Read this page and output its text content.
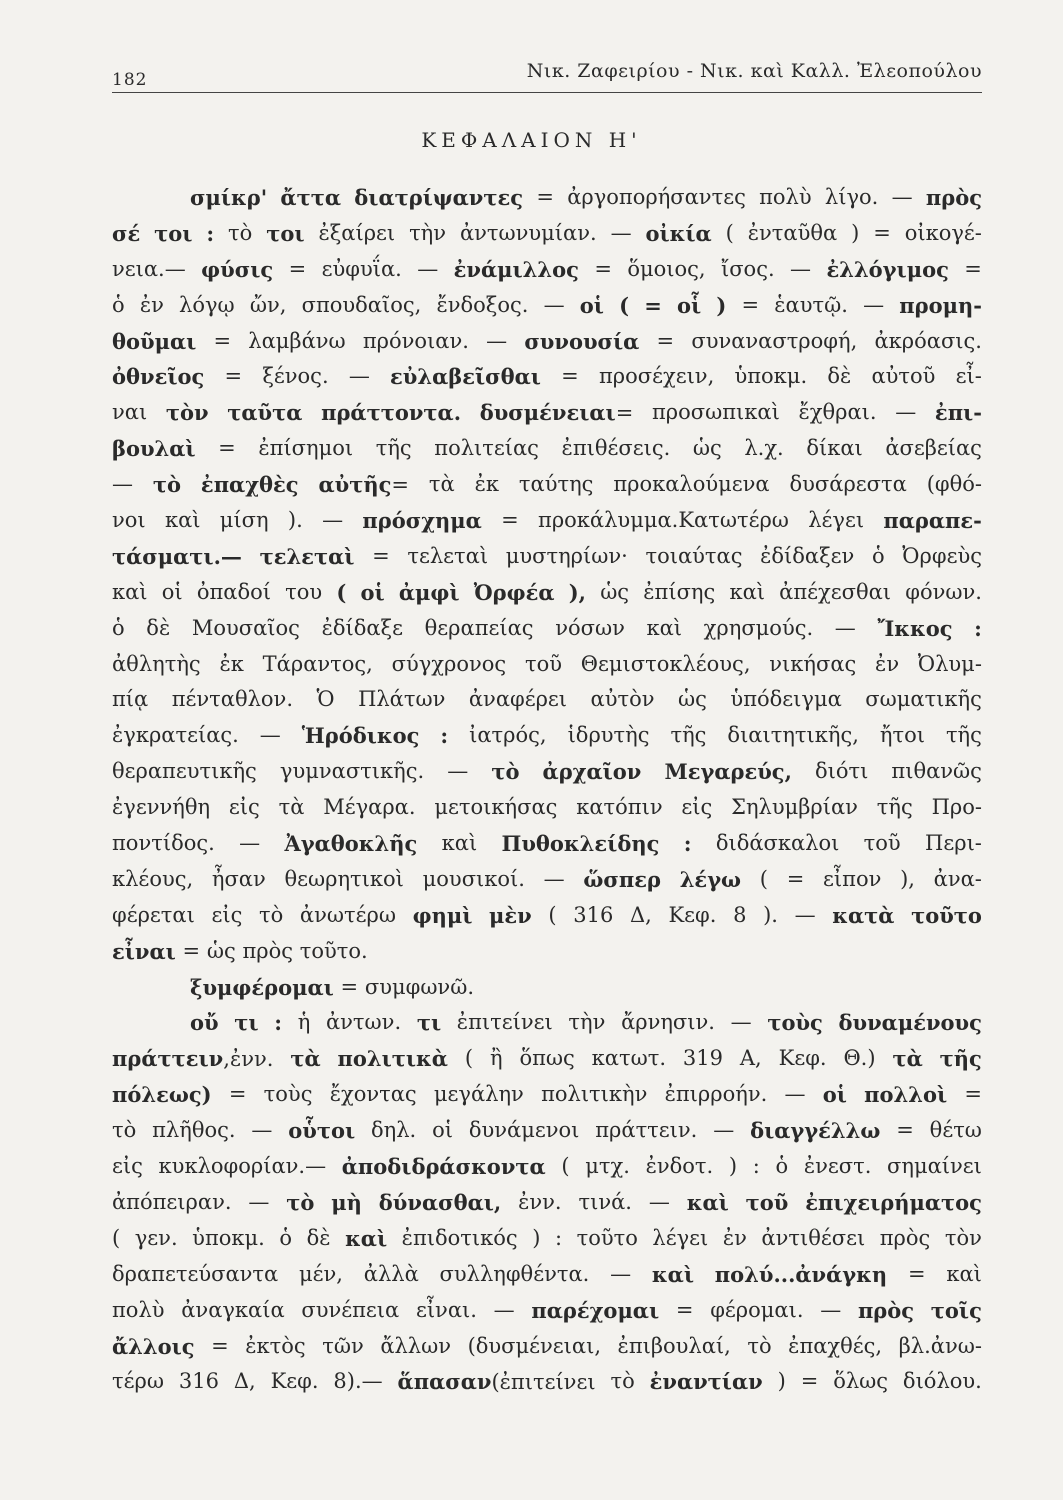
182	Νικ. Ζαφειρίου - Νικ. καὶ Καλλ. Ἐλεοπούλου
ΚΕΦΑΛΑΙΟΝ Η'
σμίκρ' ἄττα διατρίψαντες = ἀργοπορήσαντες πολὺ λίγο. — πρὸς
σέ τοι : τὸ τοι ἐξαίρει τὴν ἀντωνυμίαν. — οἰκία ( ἐνταῦθα ) = οἰκογέ-
νεια.— φύσις = εὐφυΐα. — ἐνάμιλλος = ὅμοιος, ἴσος. — ἐλλόγιμος =
ὁ ἐν λόγῳ ὤν, σπουδαῖος, ἔνδοξος. — οἱ ( = οἷ ) = ἑαυτῷ. — προμη-
θοῦμαι = λαμβάνω πρόνοιαν. — συνουσία = συναναστροφή, ἀκρόασις.
ὀθνεῖος = ξένος. — εὐλαβεῖσθαι = προσέχειν, ὑποκμ. δὲ αὐτοῦ εἶ-
ναι τὸν ταῦτα πράττοντα. δυσμένειαι= προσωπικαὶ ἔχθραι. — ἐπι-
βουλαὶ = ἐπίσημοι τῆς πολιτείας ἐπιθέσεις. ὡς λ.χ. δίκαι ἀσεβείας
— τὸ ἐπαχθὲς αὐτῆς= τὰ ἐκ ταύτης προκαλούμενα δυσάρεστα (φθό-
νοι καὶ μίση ). — πρόσχημα = προκάλυμμα.Κατωτέρω λέγει παραπε-
τάσματι.— τελεταὶ = τελεταὶ μυστηρίων· τοιαύτας ἐδίδαξεν ὁ Ὀρφεὺς
καὶ οἱ ὀπαδοί του ( οἱ ἀμφὶ Ὀρφέα ), ὡς ἐπίσης καὶ ἀπέχεσθαι φόνων.
ὁ δὲ Μουσαῖος ἐδίδαξε θεραπείας νόσων καὶ χρησμούς. — Ἴκκος :
ἀθλητὴς ἐκ Τάραντος, σύγχρονος τοῦ Θεμιστοκλέους, νικήσας ἐν Ὀλυμ-
πίᾳ πένταθλον. Ὁ Πλάτων ἀναφέρει αὐτὸν ὡς ὑπόδειγμα σωματικῆς
ἐγκρατείας. — Ἡρόδικος : ἰατρός, ἱδρυτὴς τῆς διαιτητικῆς, ἤτοι τῆς
θεραπευτικῆς γυμναστικῆς. — τὸ ἀρχαῖον Μεγαρεύς, διότι πιθανῶς
ἐγεννήθη εἰς τὰ Μέγαρα. μετοικήσας κατόπιν εἰς Σηλυμβρίαν τῆς Προ-
ποντίδος. — Ἀγαθοκλῆς καὶ Πυθοκλείδης : διδάσκαλοι τοῦ Περι-
κλέους, ἦσαν θεωρητικοὶ μουσικοί. — ὥσπερ λέγω ( = εἶπον ), ἀνα-
φέρεται εἰς τὸ ἀνωτέρω φημὶ μὲν ( 316 Δ, Κεφ. 8 ). — κατὰ τοῦτο
εἶναι = ὡς πρὸς τοῦτο.
ξυμφέρομαι = συμφωνῶ.
οὔ τι : ἡ ἀντων. τι ἐπιτείνει τὴν ἄρνησιν. — τοὺς δυναμένους
πράττειν,ἐνν. τὰ πολιτικὰ ( ἢ ὅπως κατωτ. 319 Α, Κεφ. Θ.) τὰ τῆς
πόλεως) = τοὺς ἔχοντας μεγάλην πολιτικὴν ἐπιρροήν. — οἱ πολλοὶ =
τὸ πλῆθος. — οὗτοι δηλ. οἱ δυνάμενοι πράττειν. — διαγγέλλω = θέτω
εἰς κυκλοφορίαν.— ἀποδιδράσκοντα ( μτχ. ἐνδοτ. ) : ὁ ἐνεστ. σημαίνει
ἀπόπειραν. — τὸ μὴ δύνασθαι, ἐνν. τινά. — καὶ τοῦ ἐπιχειρήματος
( γεν. ὑποκμ. ὁ δὲ καὶ ἐπιδοτικός ) : τοῦτο λέγει ἐν ἀντιθέσει πρὸς τὸν
δραπετεύσαντα μέν, ἀλλὰ συλληφθέντα. — καὶ πολύ...ἀνάγκη = καὶ
πολὺ ἀναγκαία συνέπεια εἶναι. — παρέχομαι = φέρομαι. — πρὸς τοῖς
ἄλλοις = ἐκτὸς τῶν ἄλλων (δυσμένειαι, ἐπιβουλαί, τὸ ἐπαχθές, βλ.ἀνω-
τέρω 316 Δ, Κεφ. 8).— ἅπασαν(ἐπιτείνει τὸ ἐναντίαν ) = ὅλως διόλου.
